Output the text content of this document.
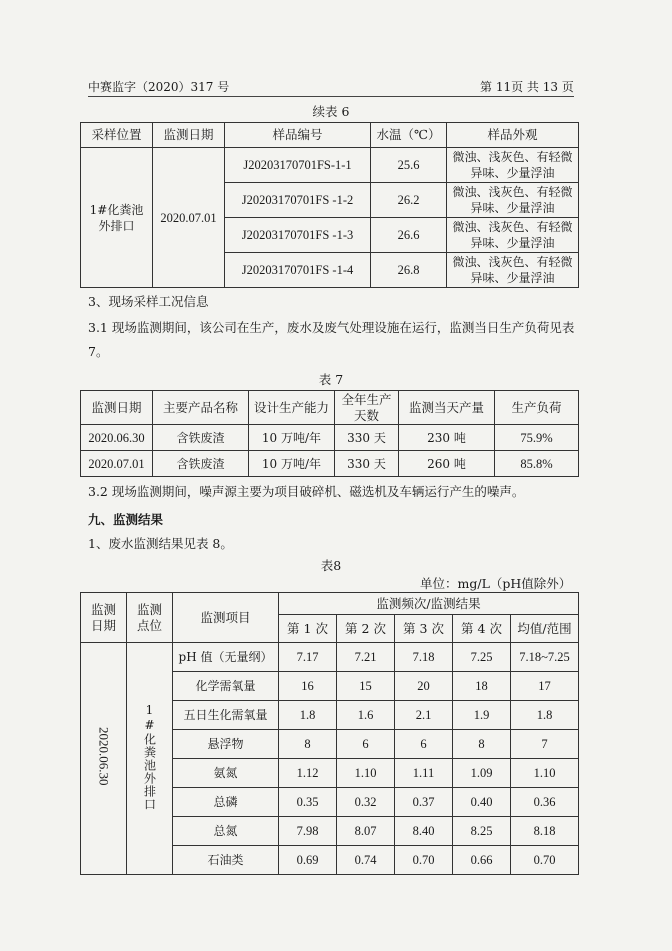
中赛监字（2020）317 号	第 11页 共 13 页
续表 6
采样位置	监测日期	样品编号	水温（℃）	样品外观
1#化粪池外排口	2020.07.01	J20203170701FS-1-1	25.6	微浊、浅灰色、有轻微异味、少量浮油
		J20203170701FS -1-2	26.2	微浊、浅灰色、有轻微异味、少量浮油
		J20203170701FS -1-3	26.6	微浊、浅灰色、有轻微异味、少量浮油
		J20203170701FS -1-4	26.8	微浊、浅灰色、有轻微异味、少量浮油
3、现场采样工况信息
3.1 现场监测期间，该公司在生产，废水及废气处理设施在运行，监测当日生产负荷见表 7。
表 7
监测日期	主要产品名称	设计生产能力	全年生产天数	监测当天产量	生产负荷
2020.06.30	含铁废渣	10 万吨/年	330 天	230 吨	75.9%
2020.07.01	含铁废渣	10 万吨/年	330 天	260 吨	85.8%
3.2 现场监测期间，噪声源主要为项目破碎机、磁选机及车辆运行产生的噪声。
九、监测结果
1、废水监测结果见表 8。
表8
单位：mg/L（pH值除外）
监测日期	监测点位	监测项目	监测频次/监测结果				
			第 1 次	第 2 次	第 3 次	第 4 次	均值/范围
2020.06.30	1#化粪池外排口	pH 值（无量纲）	7.17	7.21	7.18	7.25	7.18~7.25
		化学需氧量	16	15	20	18	17
		五日生化需氧量	1.8	1.6	2.1	1.9	1.8
		悬浮物	8	6	6	8	7
		氨氮	1.12	1.10	1.11	1.09	1.10
		总磷	0.35	0.32	0.37	0.40	0.36
		总氮	7.98	8.07	8.40	8.25	8.18
		石油类	0.69	0.74	0.70	0.66	0.70
